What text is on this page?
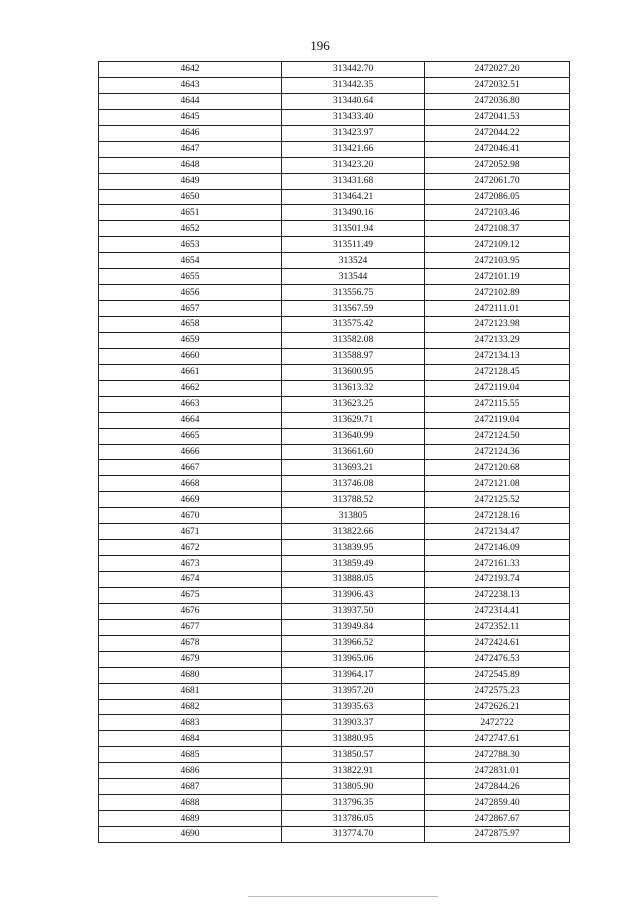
196
4642	313442.70	2472027.20
4643	313442.35	2472032.51
4644	313440.64	2472036.80
4645	313433.40	2472041.53
4646	313423.97	2472044.22
4647	313421.66	2472046.41
4648	313423.20	2472052.98
4649	313431.68	2472061.70
4650	313464.21	2472086.05
4651	313490.16	2472103.46
4652	313501.94	2472108.37
4653	313511.49	2472109.12
4654	313524	2472103.95
4655	313544	2472101.19
4656	313556.75	2472102.89
4657	313567.59	2472111.01
4658	313575.42	2472123.98
4659	313582.08	2472133.29
4660	313588.97	2472134.13
4661	313600.95	2472128.45
4662	313613.32	2472119.04
4663	313623.25	2472115.55
4664	313629.71	2472119.04
4665	313640.99	2472124.50
4666	313661.60	2472124.36
4667	313693.21	2472120.68
4668	313746.08	2472121.08
4669	313788.52	2472125.52
4670	313805	2472128.16
4671	313822.66	2472134.47
4672	313839.95	2472146.09
4673	313859.49	2472161.33
4674	313888.05	2472193.74
4675	313906.43	2472238.13
4676	313937.50	2472314.41
4677	313949.84	2472352.11
4678	313966.52	2472424.61
4679	313965.06	2472476.53
4680	313964.17	2472545.89
4681	313957.20	2472575.23
4682	313935.63	2472626.21
4683	313903.37	2472722
4684	313880.95	2472747.61
4685	313850.57	2472788.30
4686	313822.91	2472831.01
4687	313805.90	2472844.26
4688	313796.35	2472859.40
4689	313786.05	2472867.67
4690	313774.70	2472875.97
